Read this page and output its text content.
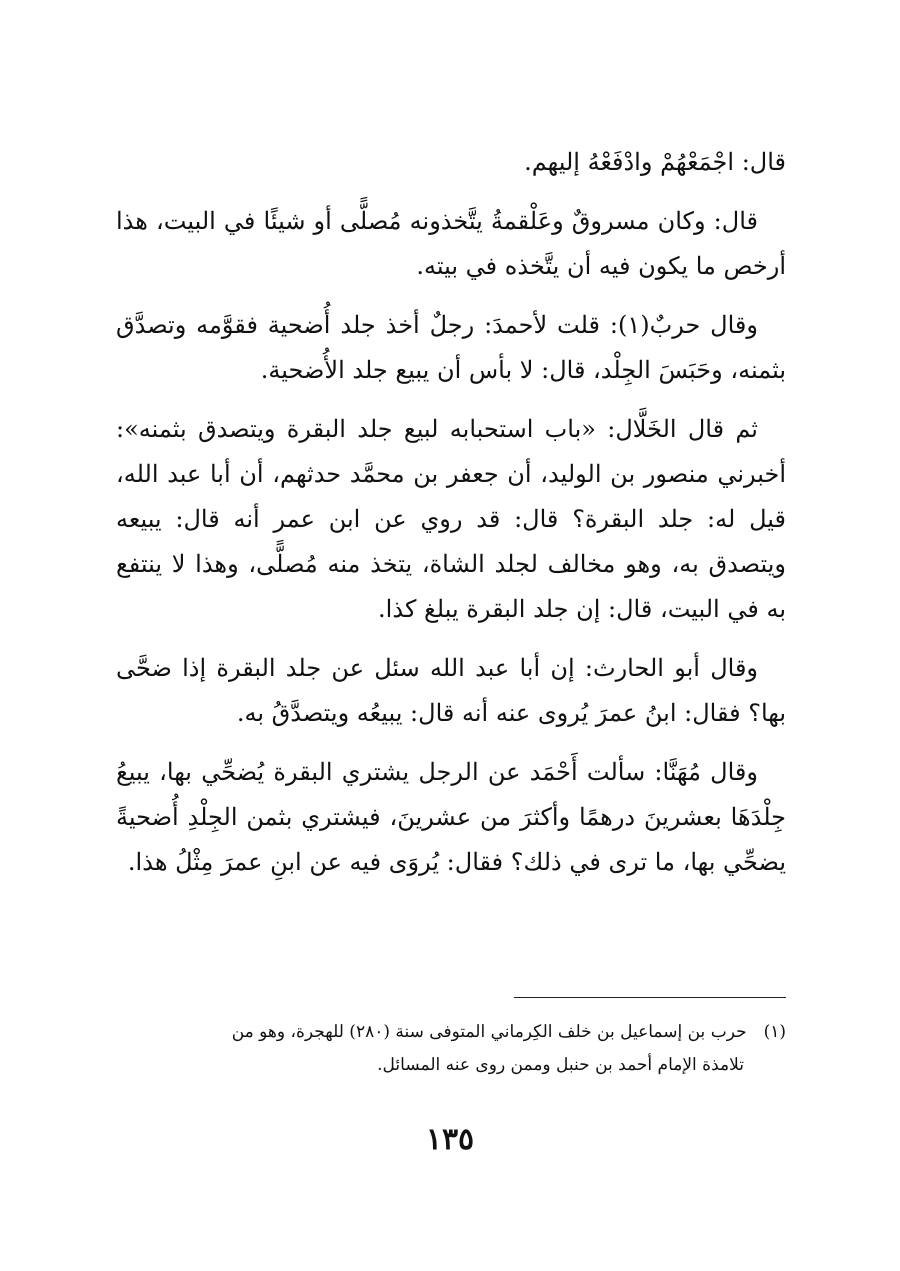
قال: اجْمَعْهُمْ وادْفَعْهُ إليهم.

قال: وكان مسروقٌ وعَلْقمةُ يتَّخذونه مُصلًّى أو شيئًا في البيت، هذا أرخص ما يكون فيه أن يتَّخذه في بيته.

وقال حربٌ(١): قلت لأحمدَ: رجلٌ أخذ جلد أُضحية فقوَّمه وتصدَّق بثمنه، وحَبَسَ الجِلْد، قال: لا بأس أن يبيع جلد الأُضحية.

ثم قال الخَلَّال: «باب استحبابه لبيع جلد البقرة ويتصدق بثمنه»: أخبرني منصور بن الوليد، أن جعفر بن محمَّد حدثهم، أن أبا عبد الله، قيل له: جلد البقرة؟ قال: قد روي عن ابن عمر أنه قال: يبيعه ويتصدق به، وهو مخالف لجلد الشاة، يتخذ منه مُصلًّى، وهذا لا ينتفع به في البيت، قال: إن جلد البقرة يبلغ كذا.

وقال أبو الحارث: إن أبا عبد الله سئل عن جلد البقرة إذا ضحَّى بها؟ فقال: ابنُ عمرَ يُروى عنه أنه قال: يبيعُه ويتصدَّقُ به.

وقال مُهَنَّا: سألت أَحْمَد عن الرجل يشتري البقرة يُضحِّي بها، يبيعُ جِلْدَهَا بعشرينَ درهمًا وأكثرَ من عشرينَ، فيشتري بثمن الجِلْدِ أُضحيةً يضحِّي بها، ما ترى في ذلك؟ فقال: يُروَى فيه عن ابنِ عمرَ مِثْلُ هذا.

(١) حرب بن إسماعيل بن خلف الكِرماني المتوفى سنة (٢٨٠) للهجرة، وهو من
تلامذة الإمام أحمد بن حنبل وممن روى عنه المسائل.
١٣٥
